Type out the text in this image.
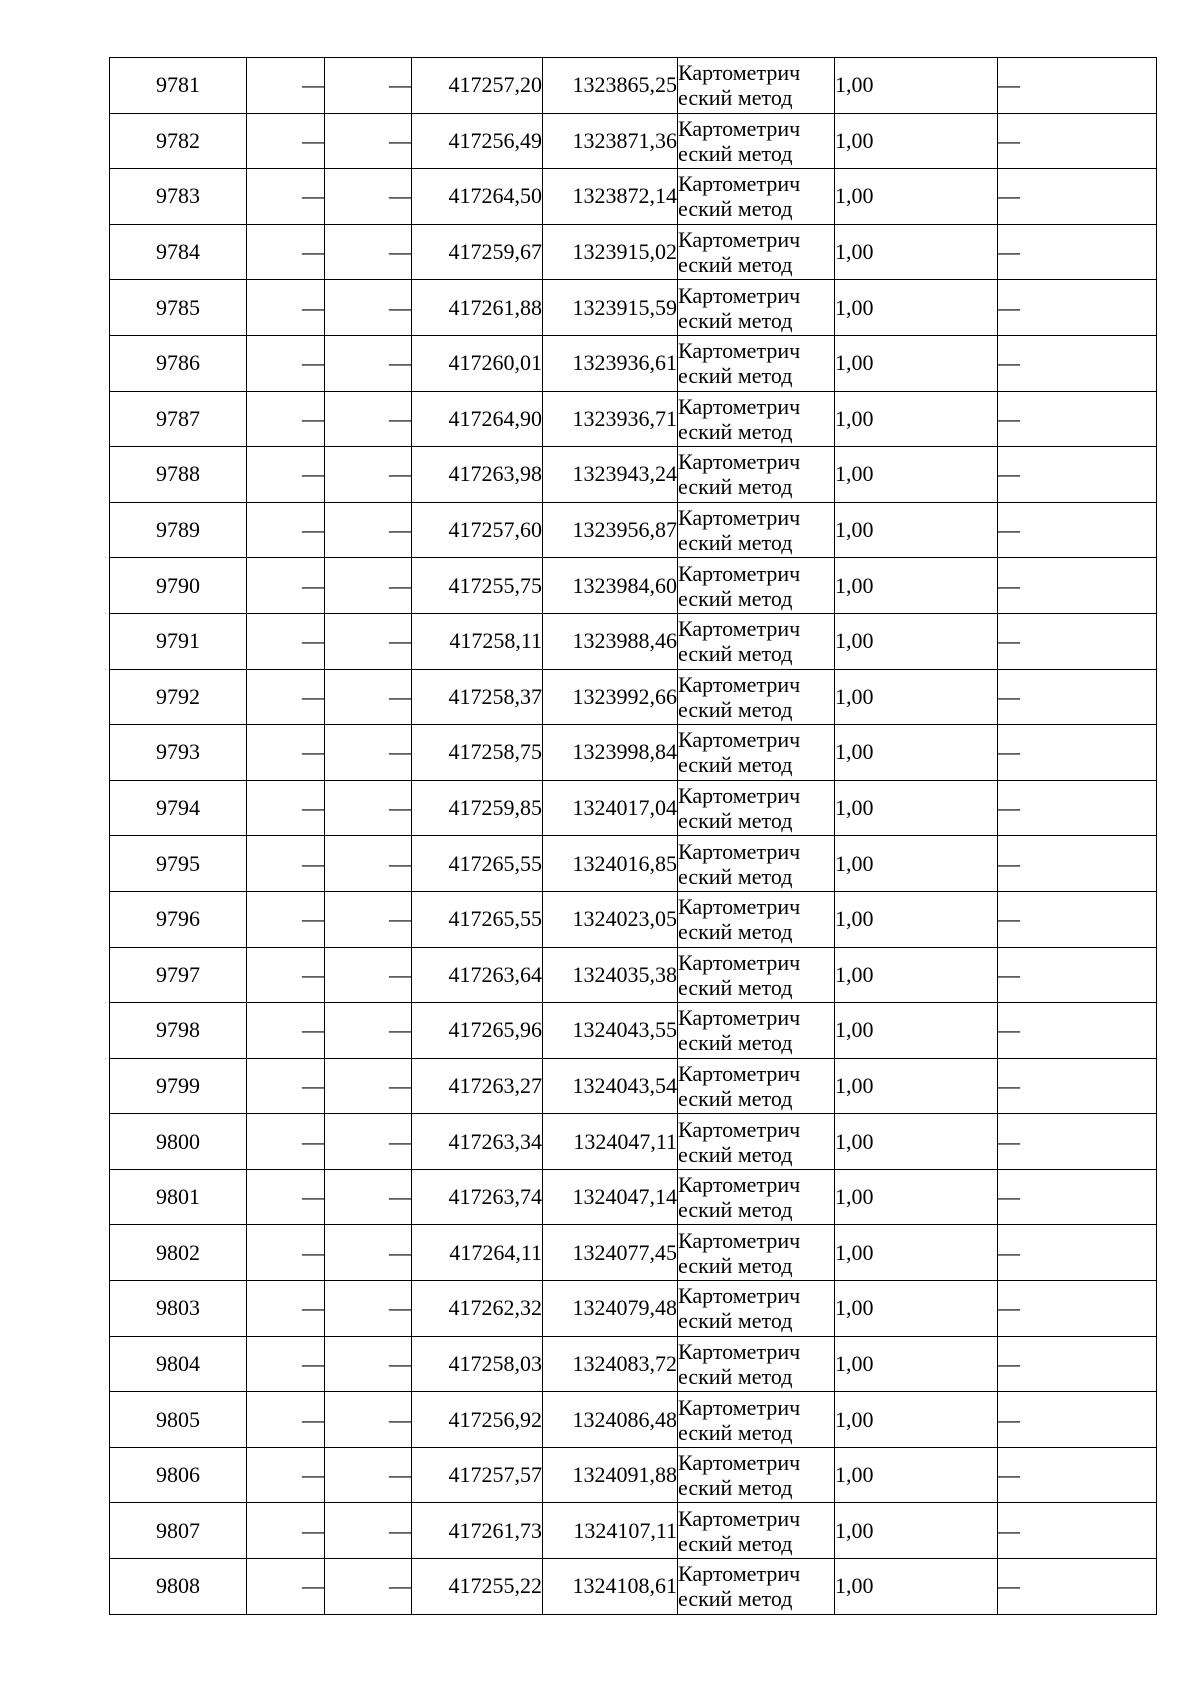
9781	—	—	417257,20	1323865,25	Картометрич
еский метод	1,00	—
9782	—	—	417256,49	1323871,36	Картометрич
еский метод	1,00	—
9783	—	—	417264,50	1323872,14	Картометрич
еский метод	1,00	—
9784	—	—	417259,67	1323915,02	Картометрич
еский метод	1,00	—
9785	—	—	417261,88	1323915,59	Картометрич
еский метод	1,00	—
9786	—	—	417260,01	1323936,61	Картометрич
еский метод	1,00	—
9787	—	—	417264,90	1323936,71	Картометрич
еский метод	1,00	—
9788	—	—	417263,98	1323943,24	Картометрич
еский метод	1,00	—
9789	—	—	417257,60	1323956,87	Картометрич
еский метод	1,00	—
9790	—	—	417255,75	1323984,60	Картометрич
еский метод	1,00	—
9791	—	—	417258,11	1323988,46	Картометрич
еский метод	1,00	—
9792	—	—	417258,37	1323992,66	Картометрич
еский метод	1,00	—
9793	—	—	417258,75	1323998,84	Картометрич
еский метод	1,00	—
9794	—	—	417259,85	1324017,04	Картометрич
еский метод	1,00	—
9795	—	—	417265,55	1324016,85	Картометрич
еский метод	1,00	—
9796	—	—	417265,55	1324023,05	Картометрич
еский метод	1,00	—
9797	—	—	417263,64	1324035,38	Картометрич
еский метод	1,00	—
9798	—	—	417265,96	1324043,55	Картометрич
еский метод	1,00	—
9799	—	—	417263,27	1324043,54	Картометрич
еский метод	1,00	—
9800	—	—	417263,34	1324047,11	Картометрич
еский метод	1,00	—
9801	—	—	417263,74	1324047,14	Картометрич
еский метод	1,00	—
9802	—	—	417264,11	1324077,45	Картометрич
еский метод	1,00	—
9803	—	—	417262,32	1324079,48	Картометрич
еский метод	1,00	—
9804	—	—	417258,03	1324083,72	Картометрич
еский метод	1,00	—
9805	—	—	417256,92	1324086,48	Картометрич
еский метод	1,00	—
9806	—	—	417257,57	1324091,88	Картометрич
еский метод	1,00	—
9807	—	—	417261,73	1324107,11	Картометрич
еский метод	1,00	—
9808	—	—	417255,22	1324108,61	Картометрич
еский метод	1,00	—
